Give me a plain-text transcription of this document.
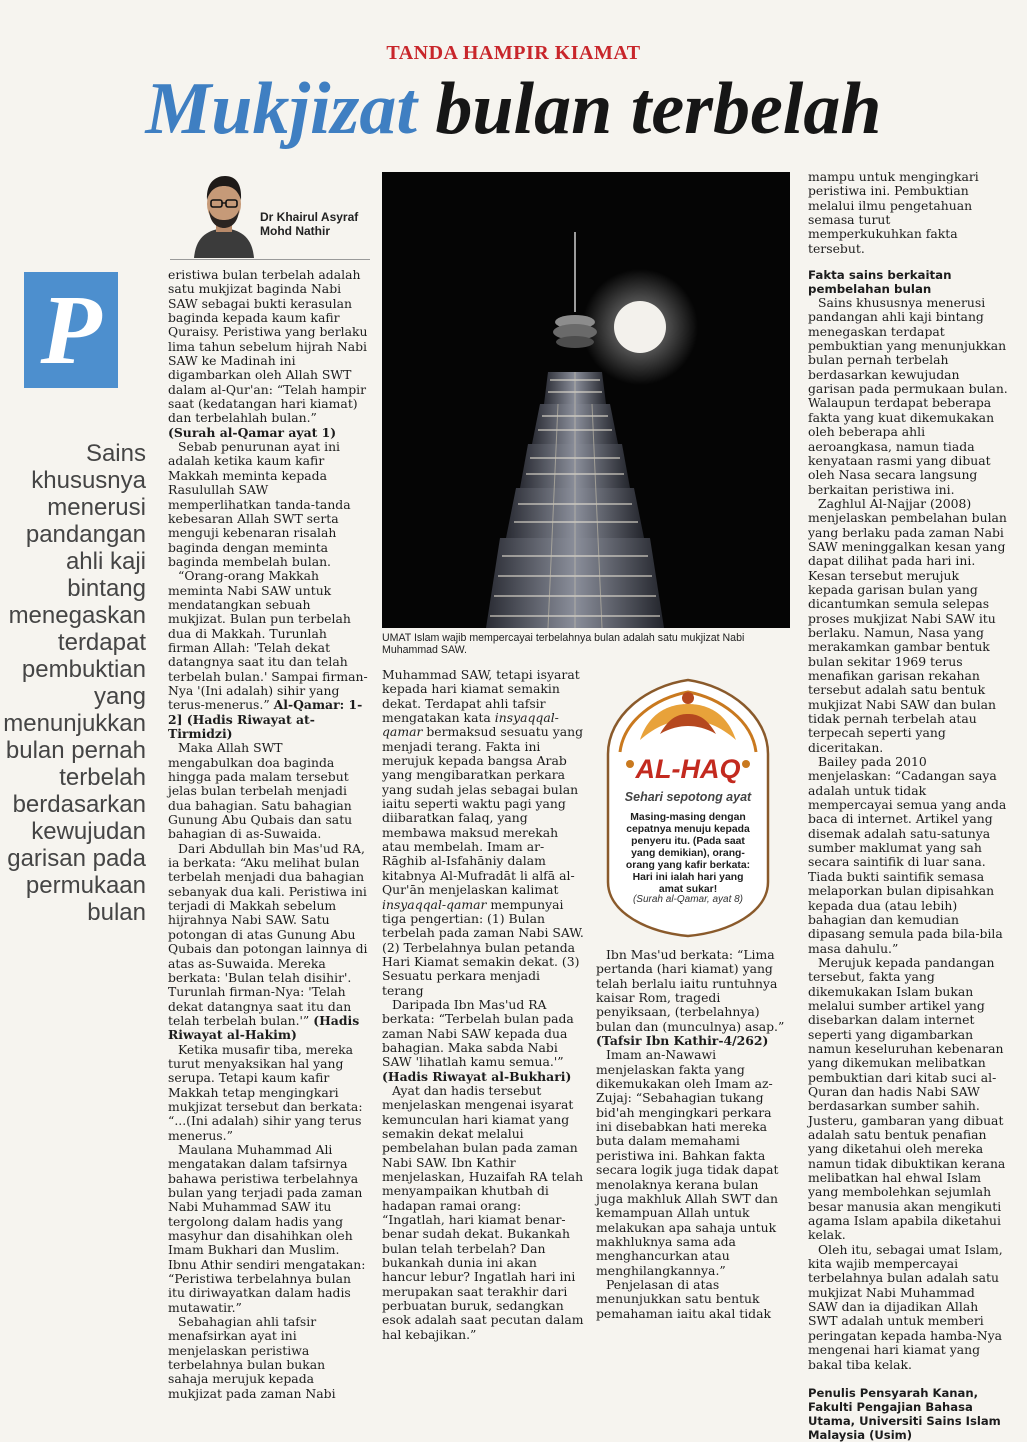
TANDA HAMPIR KIAMAT
Mukjizat bulan terbelah
Dr Khairul Asyraf
Mohd Nathir
P
Sains
khususnya
menerusi
pandangan
ahli kaji
bintang
menegaskan
terdapat
pembuktian
yang
menunjukkan
bulan pernah
terbelah
berdasarkan
kewujudan
garisan pada
permukaan
bulan

eristiwa bulan terbelah adalah satu mukjizat baginda Nabi SAW sebagai bukti kerasulan baginda kepada kaum kafir Quraisy. Peristiwa yang berlaku lima tahun sebelum hijrah Nabi SAW ke Madinah ini digambarkan oleh Allah SWT dalam al-Qur'an: “Telah hampir saat (kedatangan hari kiamat) dan terbelahlah bulan.” (Surah al-Qamar ayat 1)

Sebab penurunan ayat ini adalah ketika kaum kafir Makkah meminta kepada Rasulullah SAW memperlihatkan tanda-tanda kebesaran Allah SWT serta menguji kebenaran risalah baginda dengan meminta baginda membelah bulan.

“Orang-orang Makkah meminta Nabi SAW untuk mendatangkan sebuah mukjizat. Bulan pun terbelah dua di Makkah. Turunlah firman Allah: 'Telah dekat datangnya saat itu dan telah terbelah bulan.' Sampai firman-Nya '(Ini adalah) sihir yang terus-menerus.” Al-Qamar: 1-2] (Hadis Riwayat at-Tirmidzi)

Maka Allah SWT mengabulkan doa baginda hingga pada malam tersebut jelas bulan terbelah menjadi dua bahagian. Satu bahagian Gunung Abu Qubais dan satu bahagian di as-Suwaida.

Dari Abdullah bin Mas'ud RA, ia berkata: “Aku melihat bulan terbelah menjadi dua bahagian sebanyak dua kali. Peristiwa ini terjadi di Makkah sebelum hijrahnya Nabi SAW. Satu potongan di atas Gunung Abu Qubais dan potongan lainnya di atas as-Suwaida. Mereka berkata: 'Bulan telah disihir'. Turunlah firman-Nya: 'Telah dekat datangnya saat itu dan telah terbelah bulan.'” (Hadis Riwayat al-Hakim)

Ketika musafir tiba, mereka turut menyaksikan hal yang serupa. Tetapi kaum kafir Makkah tetap mengingkari mukjizat tersebut dan berkata: “...(Ini adalah) sihir yang terus menerus.”

Maulana Muhammad Ali mengatakan dalam tafsirnya bahawa peristiwa terbelahnya bulan yang terjadi pada zaman Nabi Muhammad SAW itu tergolong dalam hadis yang masyhur dan disahihkan oleh Imam Bukhari dan Muslim. Ibnu Athir sendiri mengatakan: “Peristiwa terbelahnya bulan itu diriwayatkan dalam hadis mutawatir.”

Sebahagian ahli tafsir menafsirkan ayat ini menjelaskan peristiwa terbelahnya bulan bukan sahaja merujuk kepada mukjizat pada zaman Nabi

UMAT Islam wajib mempercayai terbelahnya bulan adalah satu mukjizat Nabi Muhammad SAW.

Muhammad SAW, tetapi isyarat kepada hari kiamat semakin dekat. Terdapat ahli tafsir mengatakan kata insyaqqal-qamar bermaksud sesuatu yang menjadi terang. Fakta ini merujuk kepada bangsa Arab yang mengibaratkan perkara yang sudah jelas sebagai bulan iaitu seperti waktu pagi yang diibaratkan falaq, yang membawa maksud merekah atau membelah. Imam ar-Rāghib al-Isfahāniy dalam kitabnya Al-Mufradāt li alfā al-Qur'ān menjelaskan kalimat insyaqqal-qamar mempunyai tiga pengertian: (1) Bulan terbelah pada zaman Nabi SAW. (2) Terbelahnya bulan petanda Hari Kiamat semakin dekat. (3) Sesuatu perkara menjadi terang

Daripada Ibn Mas'ud RA berkata: “Terbelah bulan pada zaman Nabi SAW kepada dua bahagian. Maka sabda Nabi SAW 'lihatlah kamu semua.'” (Hadis Riwayat al-Bukhari)

Ayat dan hadis tersebut menjelaskan mengenai isyarat kemunculan hari kiamat yang semakin dekat melalui pembelahan bulan pada zaman Nabi SAW. Ibn Kathir menjelaskan, Huzaifah RA telah menyampaikan khutbah di hadapan ramai orang: “Ingatlah, hari kiamat benar-benar sudah dekat. Bukankah bulan telah terbelah? Dan bukankah dunia ini akan hancur lebur? Ingatlah hari ini merupakan saat terakhir dari perbuatan buruk, sedangkan esok adalah saat pecutan dalam hal kebajikan.”

AL-HAQ
Sehari sepotong ayat
Masing-masing dengan cepatnya menuju kepada penyeru itu. (Pada saat yang demikian), orang-orang yang kafir berkata: Hari ini ialah hari yang amat sukar!
(Surah al-Qamar, ayat 8)

Ibn Mas'ud berkata: “Lima pertanda (hari kiamat) yang telah berlalu iaitu runtuhnya kaisar Rom, tragedi penyiksaan, (terbelahnya) bulan dan (munculnya) asap.” (Tafsir Ibn Kathir-4/262)

Imam an-Nawawi menjelaskan fakta yang dikemukakan oleh Imam az-Zujaj: “Sebahagian tukang bid'ah mengingkari perkara ini disebabkan hati mereka buta dalam memahami peristiwa ini. Bahkan fakta secara logik juga tidak dapat menolaknya kerana bulan juga makhluk Allah SWT dan kemampuan Allah untuk melakukan apa sahaja untuk makhluknya sama ada menghancurkan atau menghilangkannya.”

Penjelasan di atas menunjukkan satu bentuk pemahaman iaitu akal tidak

mampu untuk mengingkari peristiwa ini. Pembuktian melalui ilmu pengetahuan semasa turut memperkukuhkan fakta tersebut.

Fakta sains berkaitan pembelahan bulan

Sains khususnya menerusi pandangan ahli kaji bintang menegaskan terdapat pembuktian yang menunjukkan bulan pernah terbelah berdasarkan kewujudan garisan pada permukaan bulan. Walaupun terdapat beberapa fakta yang kuat dikemukakan oleh beberapa ahli aeroangkasa, namun tiada kenyataan rasmi yang dibuat oleh Nasa secara langsung berkaitan peristiwa ini.

Zaghlul Al-Najjar (2008) menjelaskan pembelahan bulan yang berlaku pada zaman Nabi SAW meninggalkan kesan yang dapat dilihat pada hari ini. Kesan tersebut merujuk kepada garisan bulan yang dicantumkan semula selepas proses mukjizat Nabi SAW itu berlaku. Namun, Nasa yang merakamkan gambar bentuk bulan sekitar 1969 terus menafikan garisan rekahan tersebut adalah satu bentuk mukjizat Nabi SAW dan bulan tidak pernah terbelah atau terpecah seperti yang diceritakan.

Bailey pada 2010 menjelaskan: “Cadangan saya adalah untuk tidak mempercayai semua yang anda baca di internet. Artikel yang disemak adalah satu-satunya sumber maklumat yang sah secara saintifik di luar sana. Tiada bukti saintifik semasa melaporkan bulan dipisahkan kepada dua (atau lebih) bahagian dan kemudian dipasang semula pada bila-bila masa dahulu.”

Merujuk kepada pandangan tersebut, fakta yang dikemukakan Islam bukan melalui sumber artikel yang disebarkan dalam internet seperti yang digambarkan namun keseluruhan kebenaran yang dikemukan melibatkan pembuktian dari kitab suci al-Quran dan hadis Nabi SAW berdasarkan sumber sahih. Justeru, gambaran yang dibuat adalah satu bentuk penafian yang diketahui oleh mereka namun tidak dibuktikan kerana melibatkan hal ehwal Islam yang membolehkan sejumlah besar manusia akan mengikuti agama Islam apabila diketahui kelak.

Oleh itu, sebagai umat Islam, kita wajib mempercayai terbelahnya bulan adalah satu mukjizat Nabi Muhammad SAW dan ia dijadikan Allah SWT adalah untuk memberi peringatan kepada hamba-Nya mengenai hari kiamat yang bakal tiba kelak.

Penulis Pensyarah Kanan, Fakulti Pengajian Bahasa Utama, Universiti Sains Islam Malaysia (Usim)
